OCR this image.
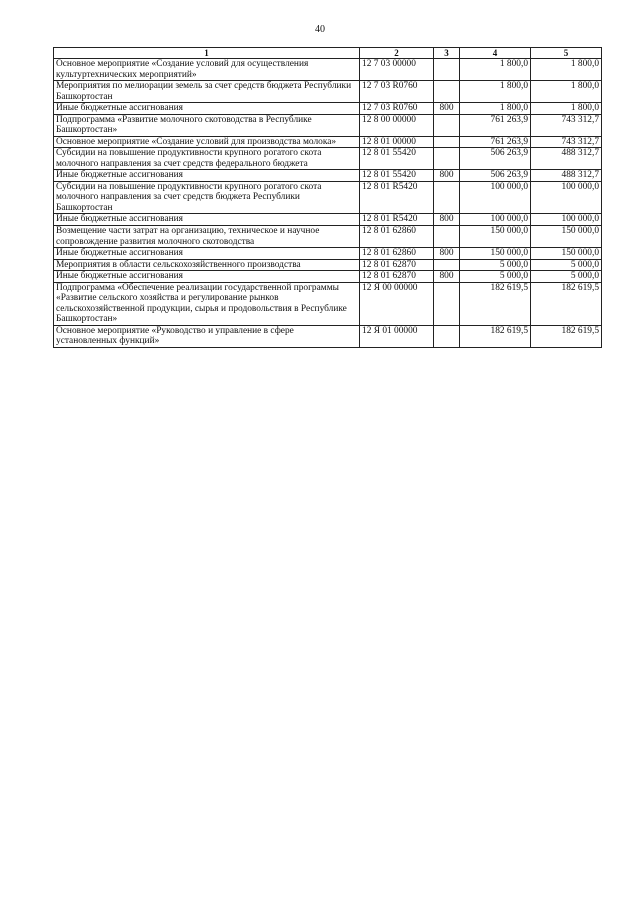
40
1	2	3	4	5
Основное мероприятие «Создание условий для осуществления культуртехнических мероприятий»	12 7 03 00000		1 800,0	1 800,0
Мероприятия по мелиорации земель за счет средств бюджета Республики Башкортостан	12 7 03 R0760		1 800,0	1 800,0
Иные бюджетные ассигнования	12 7 03 R0760	800	1 800,0	1 800,0
Подпрограмма «Развитие молочного скотоводства в Республике Башкортостан»	12 8 00 00000		761 263,9	743 312,7
Основное мероприятие «Создание условий для производства молока»	12 8 01 00000		761 263,9	743 312,7
Субсидии на повышение продуктивности крупного рогатого скота молочного направления за счет средств федерального бюджета	12 8 01 55420		506 263,9	488 312,7
Иные бюджетные ассигнования	12 8 01 55420	800	506 263,9	488 312,7
Субсидии на повышение продуктивности крупного рогатого скота молочного направления за счет средств бюджета Республики Башкортостан	12 8 01 R5420		100 000,0	100 000,0
Иные бюджетные ассигнования	12 8 01 R5420	800	100 000,0	100 000,0
Возмещение части затрат на организацию, техническое и научное сопровождение развития молочного скотоводства	12 8 01 62860		150 000,0	150 000,0
Иные бюджетные ассигнования	12 8 01 62860	800	150 000,0	150 000,0
Мероприятия в области сельскохозяйственного производства	12 8 01 62870		5 000,0	5 000,0
Иные бюджетные ассигнования	12 8 01 62870	800	5 000,0	5 000,0
Подпрограмма «Обеспечение реализации государственной программы «Развитие сельского хозяйства и регулирование рынков сельскохозяйственной продукции, сырья и продовольствия в Республике Башкортостан»	12 Я 00 00000		182 619,5	182 619,5
Основное мероприятие «Руководство и управление в сфере установленных функций»	12 Я 01 00000		182 619,5	182 619,5
